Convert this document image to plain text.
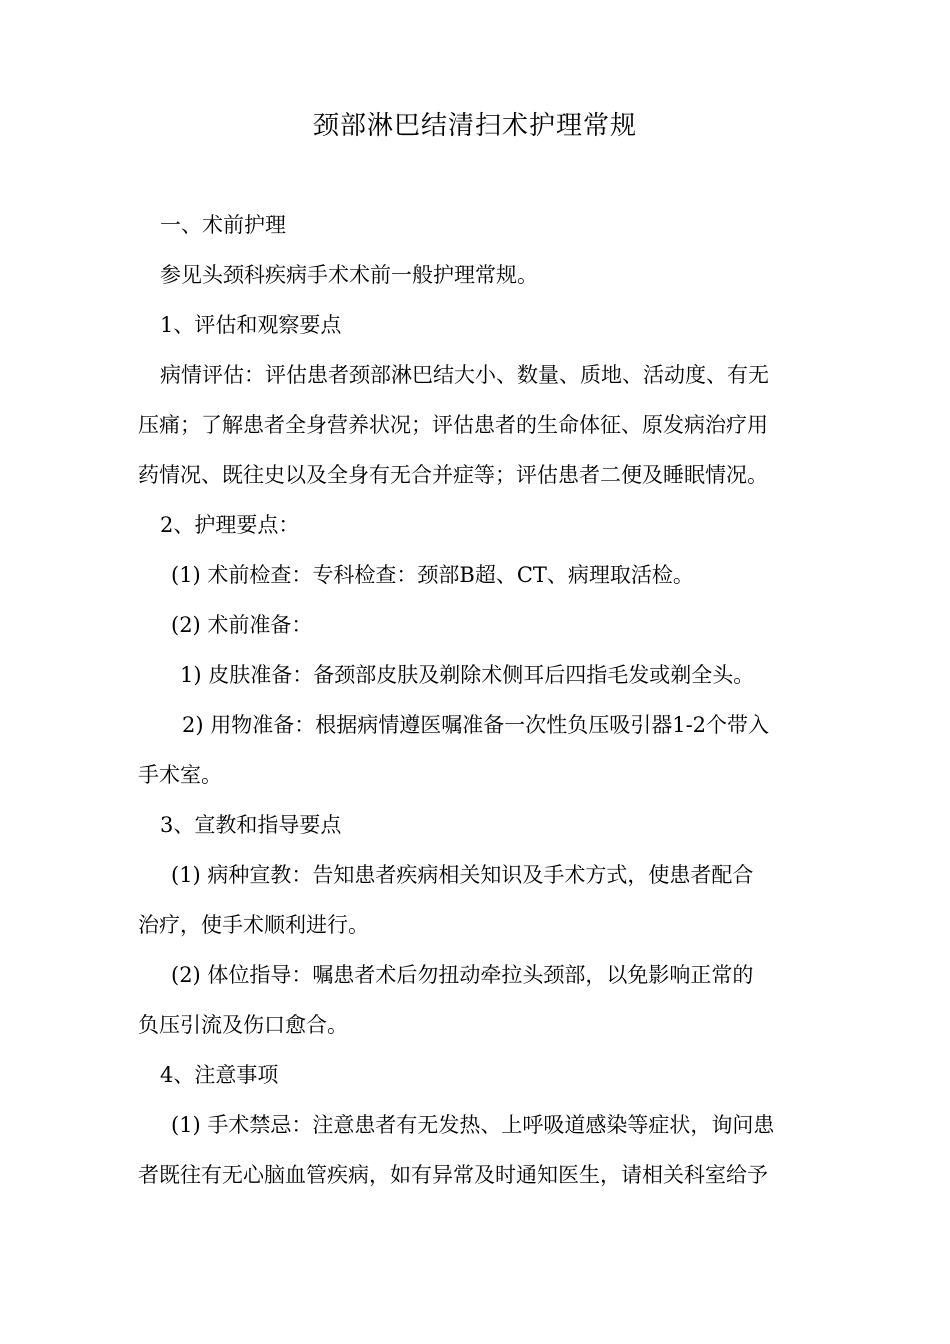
颈部淋巴结清扫术护理常规
一、术前护理
参见头颈科疾病手术术前一般护理常规。
1、评估和观察要点
病情评估：评估患者颈部淋巴结大小、数量、质地、活动度、有无
压痛；了解患者全身营养状况；评估患者的生命体征、原发病治疗用
药情况、既往史以及全身有无合并症等；评估患者二便及睡眠情况。
2、护理要点：
(1) 术前检查：专科检查：颈部B超、CT、病理取活检。
(2) 术前准备：
1) 皮肤准备：备颈部皮肤及剃除术侧耳后四指毛发或剃全头。
2) 用物准备：根据病情遵医嘱准备一次性负压吸引器1-2个带入
手术室。
3、宣教和指导要点
(1) 病种宣教：告知患者疾病相关知识及手术方式，使患者配合
治疗，使手术顺利进行。
(2) 体位指导：嘱患者术后勿扭动牵拉头颈部，以免影响正常的
负压引流及伤口愈合。
4、注意事项
(1) 手术禁忌：注意患者有无发热、上呼吸道感染等症状，询问患
者既往有无心脑血管疾病，如有异常及时通知医生，请相关科室给予
